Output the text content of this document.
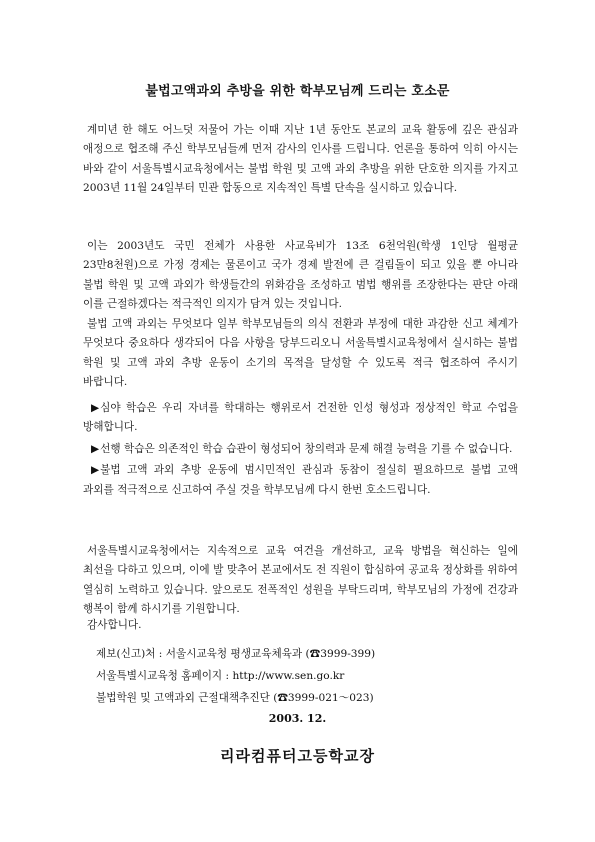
불법고액과외 추방을 위한 학부모님께 드리는 호소문

계미년 한 해도 어느덧 저물어 가는 이때 지난 1년 동안도 본교의 교육 활동에 깊은 관심과 애정으로 협조해 주신 학부모님들께 먼저 감사의 인사를 드립니다. 언론을 통하여 익히 아시는 바와 같이 서울특별시교육청에서는 불법 학원 및 고액 과외 추방을 위한 단호한 의지를 가지고 2003년 11월 24일부터 민관 합동으로 지속적인 특별 단속을 실시하고 있습니다.

이는 2003년도 국민 전체가 사용한 사교육비가 13조 6천억원(학생 1인당 월평균 23만8천원)으로 가정 경제는 물론이고 국가 경제 발전에 큰 걸림돌이 되고 있을 뿐 아니라 불법 학원 및 고액 과외가 학생들간의 위화감을 조성하고 범법 행위를 조장한다는 판단 아래 이를 근절하겠다는 적극적인 의지가 담겨 있는 것입니다.

불법 고액 과외는 무엇보다 일부 학부모님들의 의식 전환과 부정에 대한 과감한 신고 체계가 무엇보다 중요하다 생각되어 다음 사항을 당부드리오니 서울특별시교육청에서 실시하는 불법 학원 및 고액 과외 추방 운동이 소기의 목적을 달성할 수 있도록 적극 협조하여 주시기 바랍니다.

▶심야 학습은 우리 자녀를 학대하는 행위로서 건전한 인성 형성과 정상적인 학교 수업을 방해합니다.
▶선행 학습은 의존적인 학습 습관이 형성되어 창의력과 문제 해결 능력을 기를 수 없습니다.
▶불법 고액 과외 추방 운동에 범시민적인 관심과 동참이 절실히 필요하므로 불법 고액 과외를 적극적으로 신고하여 주실 것을 학부모님께 다시 한번 호소드립니다.

서울특별시교육청에서는 지속적으로 교육 여건을 개선하고, 교육 방법을 혁신하는 일에 최선을 다하고 있으며, 이에 발 맞추어 본교에서도 전 직원이 합심하여 공교육 정상화를 위하여 열심히 노력하고 있습니다. 앞으로도 전폭적인 성원을 부탁드리며, 학부모님의 가정에 건강과 행복이 함께 하시기를 기원합니다.

감사합니다.
제보(신고)처 : 서울시교육청 평생교육체육과 (☎3999-399)
서울특별시교육청 홈페이지 : http://www.sen.go.kr
불법학원 및 고액과외 근절대책추진단 (☎3999-021～023)
2003. 12.
리라컴퓨터고등학교장
